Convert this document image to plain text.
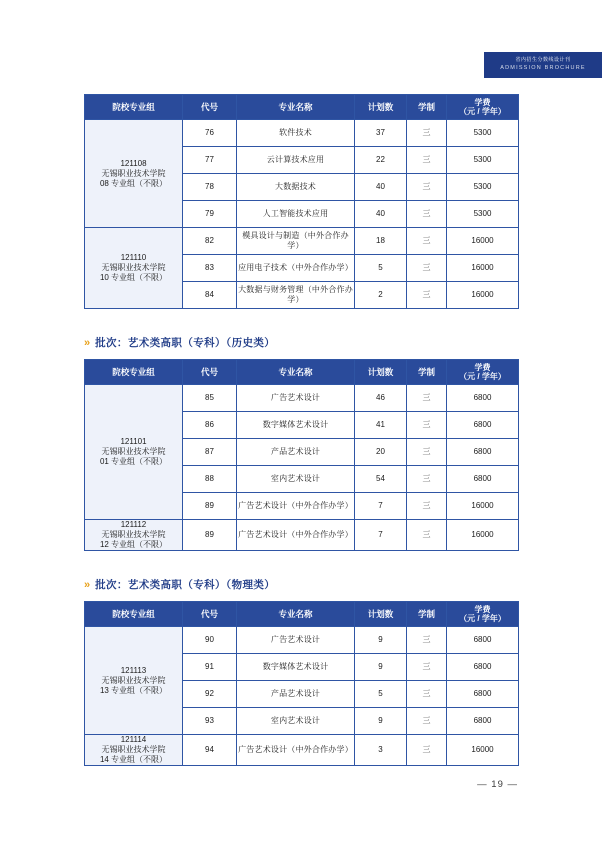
省内招生分数线设计刊
ADMISSION BROCHURE
院校专业组	代号	专业名称	计划数	学制	学费
（元 / 学年）

121108
无锡职业技术学院
08 专业组（不限）	76	软件技术	37	三	5300
	77	云计算技术应用	22	三	5300
	78	大数据技术	40	三	5300
	79	人工智能技术应用	40	三	5300

121110
无锡职业技术学院
10 专业组（不限）	82	模具设计与制造（中外合作办学）	18	三	16000
	83	应用电子技术（中外合作办学）	5	三	16000
	84	大数据与财务管理（中外合作办学）	2	三	16000
» 批次：艺术类高职（专科）（历史类）
院校专业组	代号	专业名称	计划数	学制	学费
（元 / 学年）

121101
无锡职业技术学院
01 专业组（不限）	85	广告艺术设计	46	三	6800
	86	数字媒体艺术设计	41	三	6800
	87	产品艺术设计	20	三	6800
	88	室内艺术设计	54	三	6800
	89	广告艺术设计（中外合作办学）	7	三	16000

121112
无锡职业技术学院
12 专业组（不限）	89	广告艺术设计（中外合作办学）	7	三	16000
» 批次：艺术类高职（专科）（物理类）
院校专业组	代号	专业名称	计划数	学制	学费
（元 / 学年）

121113
无锡职业技术学院
13 专业组（不限）	90	广告艺术设计	9	三	6800
	91	数字媒体艺术设计	9	三	6800
	92	产品艺术设计	5	三	6800
	93	室内艺术设计	9	三	6800

121114
无锡职业技术学院
14 专业组（不限）	94	广告艺术设计（中外合作办学）	3	三	16000
— 19 —
